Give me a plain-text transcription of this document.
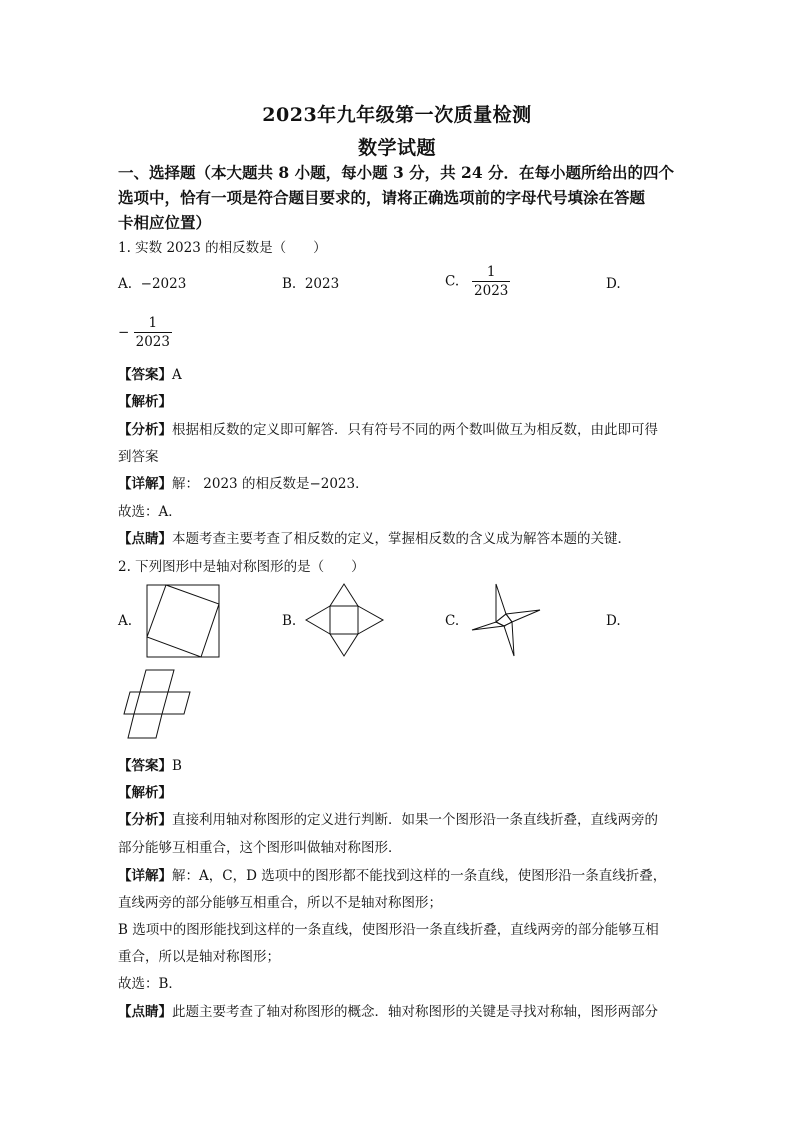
2023年九年级第一次质量检测
数学试题
一、选择题（本大题共 8 小题，每小题 3 分，共 24 分．在每小题所给出的四个
选项中，恰有一项是符合题目要求的，请将正确选项前的字母代号填涂在答题
卡相应位置）
1. 实数 2023 的相反数是（　　）
A. −2023	B. 2023	C. $\frac{1}{2023}$	D.
− $\frac{1}{2023}$
【答案】A
【解析】
【分析】根据相反数的定义即可解答．只有符号不同的两个数叫做互为相反数，由此即可得
到答案
【详解】解： 2023 的相反数是−2023．
故选：A．
【点睛】本题考查主要考查了相反数的定义，掌握相反数的含义成为解答本题的关键．
2. 下列图形中是轴对称图形的是（　　）
A.	B.	C.	D.
【答案】B
【解析】
【分析】直接利用轴对称图形的定义进行判断．如果一个图形沿一条直线折叠，直线两旁的
部分能够互相重合，这个图形叫做轴对称图形．
【详解】解：A，C，D 选项中的图形都不能找到这样的一条直线，使图形沿一条直线折叠，
直线两旁的部分能够互相重合，所以不是轴对称图形；
B 选项中的图形能找到这样的一条直线，使图形沿一条直线折叠，直线两旁的部分能够互相
重合，所以是轴对称图形；
故选：B．
【点睛】此题主要考查了轴对称图形的概念．轴对称图形的关键是寻找对称轴，图形两部分
